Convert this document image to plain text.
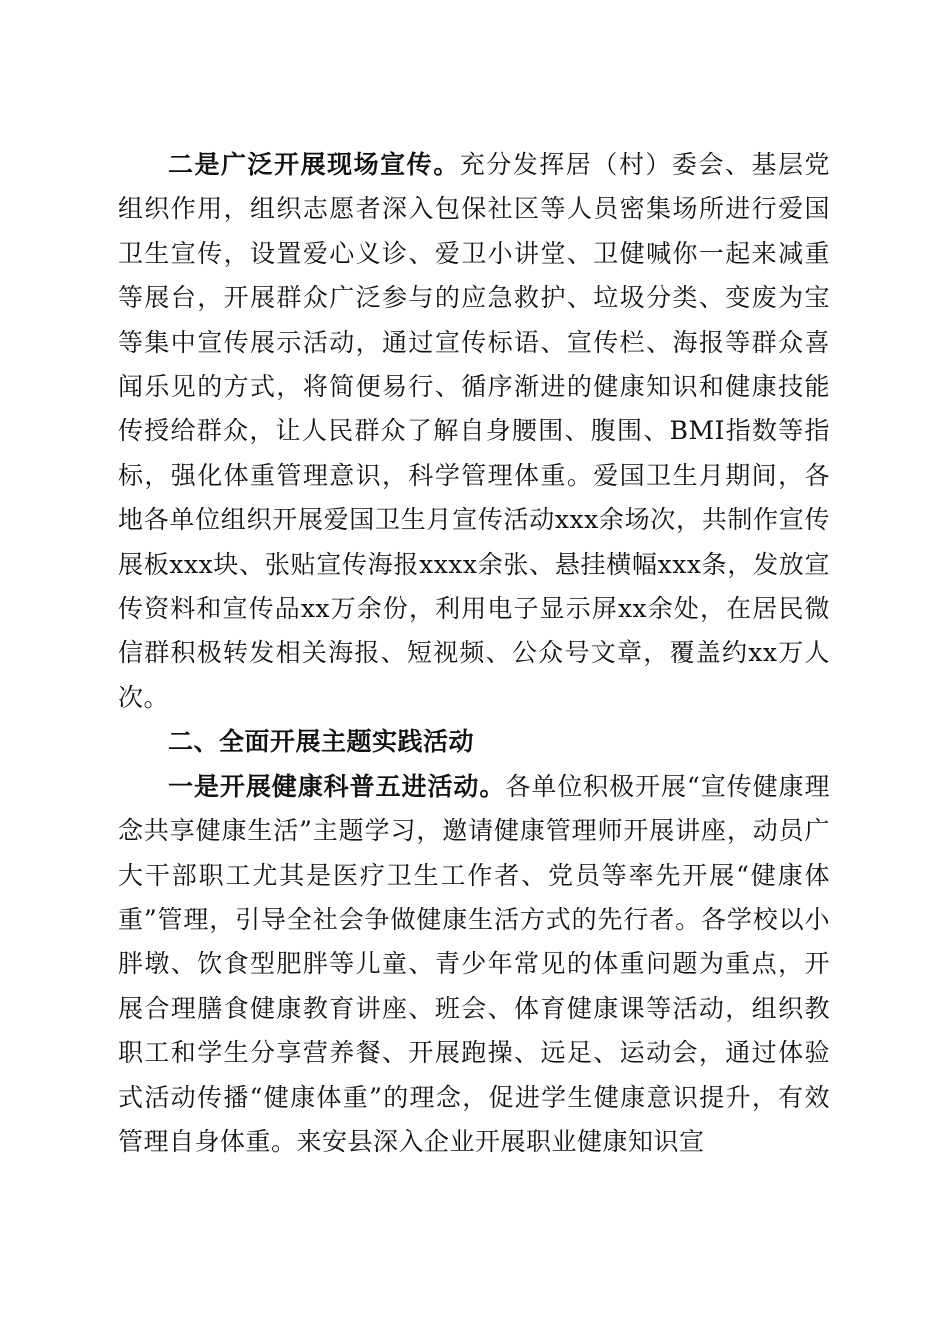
二是广泛开展现场宣传。充分发挥居（村）委会、基层党组织作用，组织志愿者深入包保社区等人员密集场所进行爱国卫生宣传，设置爱心义诊、爱卫小讲堂、卫健喊你一起来减重等展台，开展群众广泛参与的应急救护、垃圾分类、变废为宝等集中宣传展示活动，通过宣传标语、宣传栏、海报等群众喜闻乐见的方式，将简便易行、循序渐进的健康知识和健康技能传授给群众，让人民群众了解自身腰围、腹围、BMI指数等指标，强化体重管理意识，科学管理体重。爱国卫生月期间，各地各单位组织开展爱国卫生月宣传活动xxx余场次，共制作宣传展板xxx块、张贴宣传海报xxxx余张、悬挂横幅xxx条，发放宣传资料和宣传品xx万余份，利用电子显示屏xx余处，在居民微信群积极转发相关海报、短视频、公众号文章，覆盖约xx万人次。

二、全面开展主题实践活动

一是开展健康科普五进活动。各单位积极开展“宣传健康理念共享健康生活”主题学习，邀请健康管理师开展讲座，动员广大干部职工尤其是医疗卫生工作者、党员等率先开展“健康体重”管理，引导全社会争做健康生活方式的先行者。各学校以小胖墩、饮食型肥胖等儿童、青少年常见的体重问题为重点，开展合理膳食健康教育讲座、班会、体育健康课等活动，组织教职工和学生分享营养餐、开展跑操、远足、运动会，通过体验式活动传播“健康体重”的理念，促进学生健康意识提升，有效管理自身体重。来安县深入企业开展职业健康知识宣
